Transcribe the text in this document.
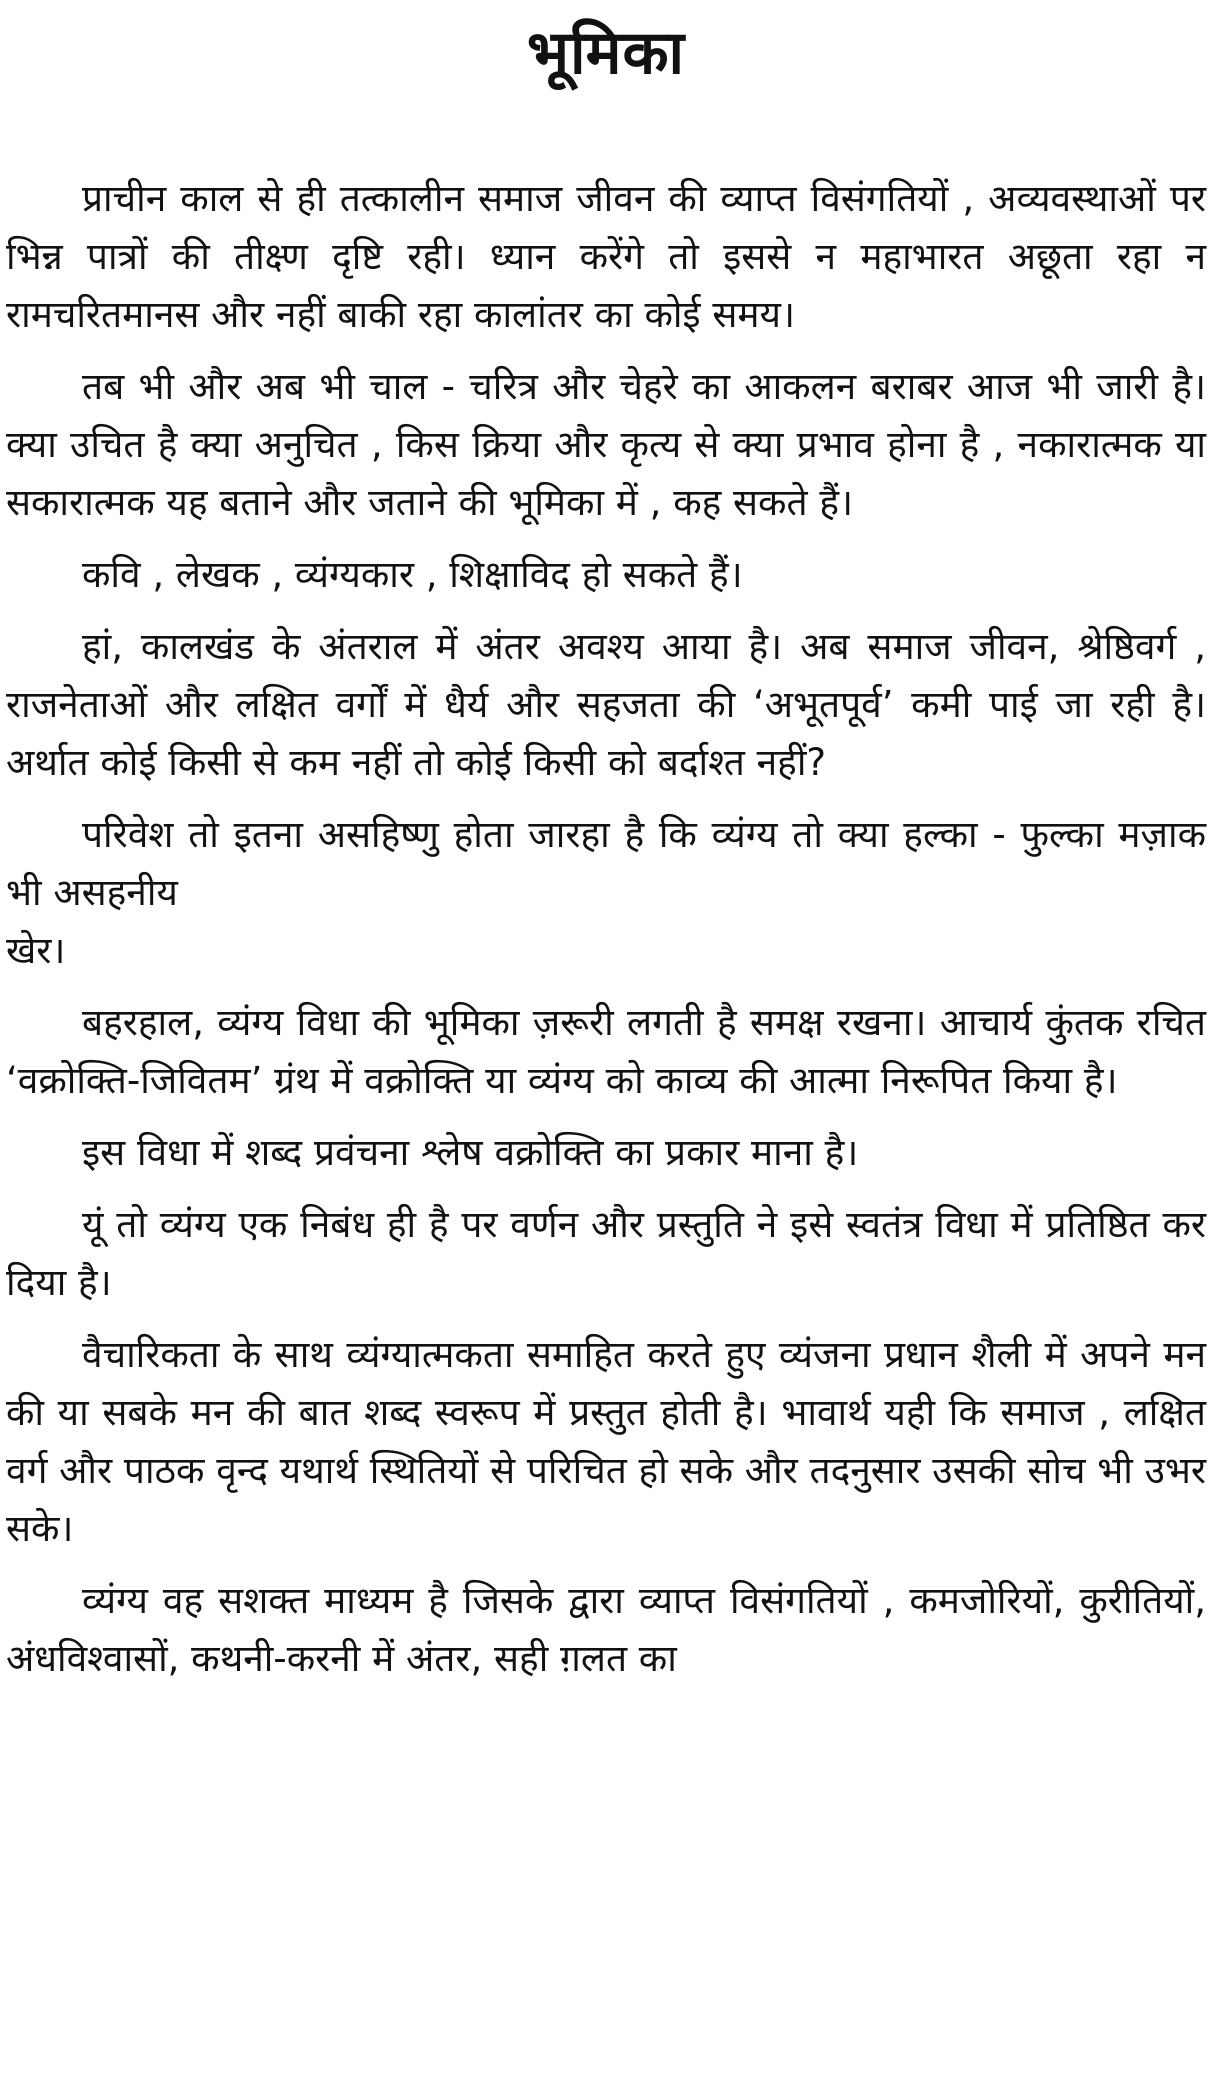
भूमिका

प्राचीन काल से ही तत्कालीन समाज जीवन की व्याप्त विसंगतियों , अव्यवस्थाओं पर भिन्न पात्रों की तीक्ष्ण दृष्टि रही। ध्यान करेंगे तो इससे न महाभारत अछूता रहा न रामचरितमानस और नहीं बाकी रहा कालांतर का कोई समय।

तब भी और अब भी चाल - चरित्र और चेहरे का आकलन बराबर आज भी जारी है। क्या उचित है क्या अनुचित , किस क्रिया और कृत्य से क्या प्रभाव होना है , नकारात्मक या सकारात्मक यह बताने और जताने की भूमिका में , कह सकते हैं।

कवि , लेखक , व्यंग्यकार , शिक्षाविद हो सकते हैं।

हां, कालखंड के अंतराल में अंतर अवश्य आया है। अब समाज जीवन, श्रेष्ठिवर्ग , राजनेताओं और लक्षित वर्गों में धैर्य और सहजता की ‘अभूतपूर्व’ कमी पाई जा रही है। अर्थात कोई किसी से कम नहीं तो कोई किसी को बर्दाश्त नहीं?

परिवेश तो इतना असहिष्णु होता जारहा है कि व्यंग्य तो क्या हल्का - फुल्का मज़ाक भी असहनीय

खेर।

बहरहाल, व्यंग्य विधा की भूमिका ज़रूरी लगती है समक्ष रखना। आचार्य कुंतक रचित ‘वक्रोक्ति-जिवितम’ ग्रंथ में वक्रोक्ति या व्यंग्य को काव्य की आत्मा निरूपित किया है।

इस विधा में शब्द प्रवंचना श्लेष वक्रोक्ति का प्रकार माना है।

यूं तो व्यंग्य एक निबंध ही है पर वर्णन और प्रस्तुति ने इसे स्वतंत्र विधा में प्रतिष्ठित कर दिया है।

वैचारिकता के साथ व्यंग्यात्मकता समाहित करते हुए व्यंजना प्रधान शैली में अपने मन की या सबके मन की बात शब्द स्वरूप में प्रस्तुत होती है। भावार्थ यही कि समाज , लक्षित वर्ग और पाठक वृन्द यथार्थ स्थितियों से परिचित हो सके और तदनुसार उसकी सोच भी उभर सके।

व्यंग्य वह सशक्त माध्यम है जिसके द्वारा व्याप्त विसंगतियों , कमजोरियों, कुरीतियों, अंधविश्वासों, कथनी-करनी में अंतर, सही ग़लत का
